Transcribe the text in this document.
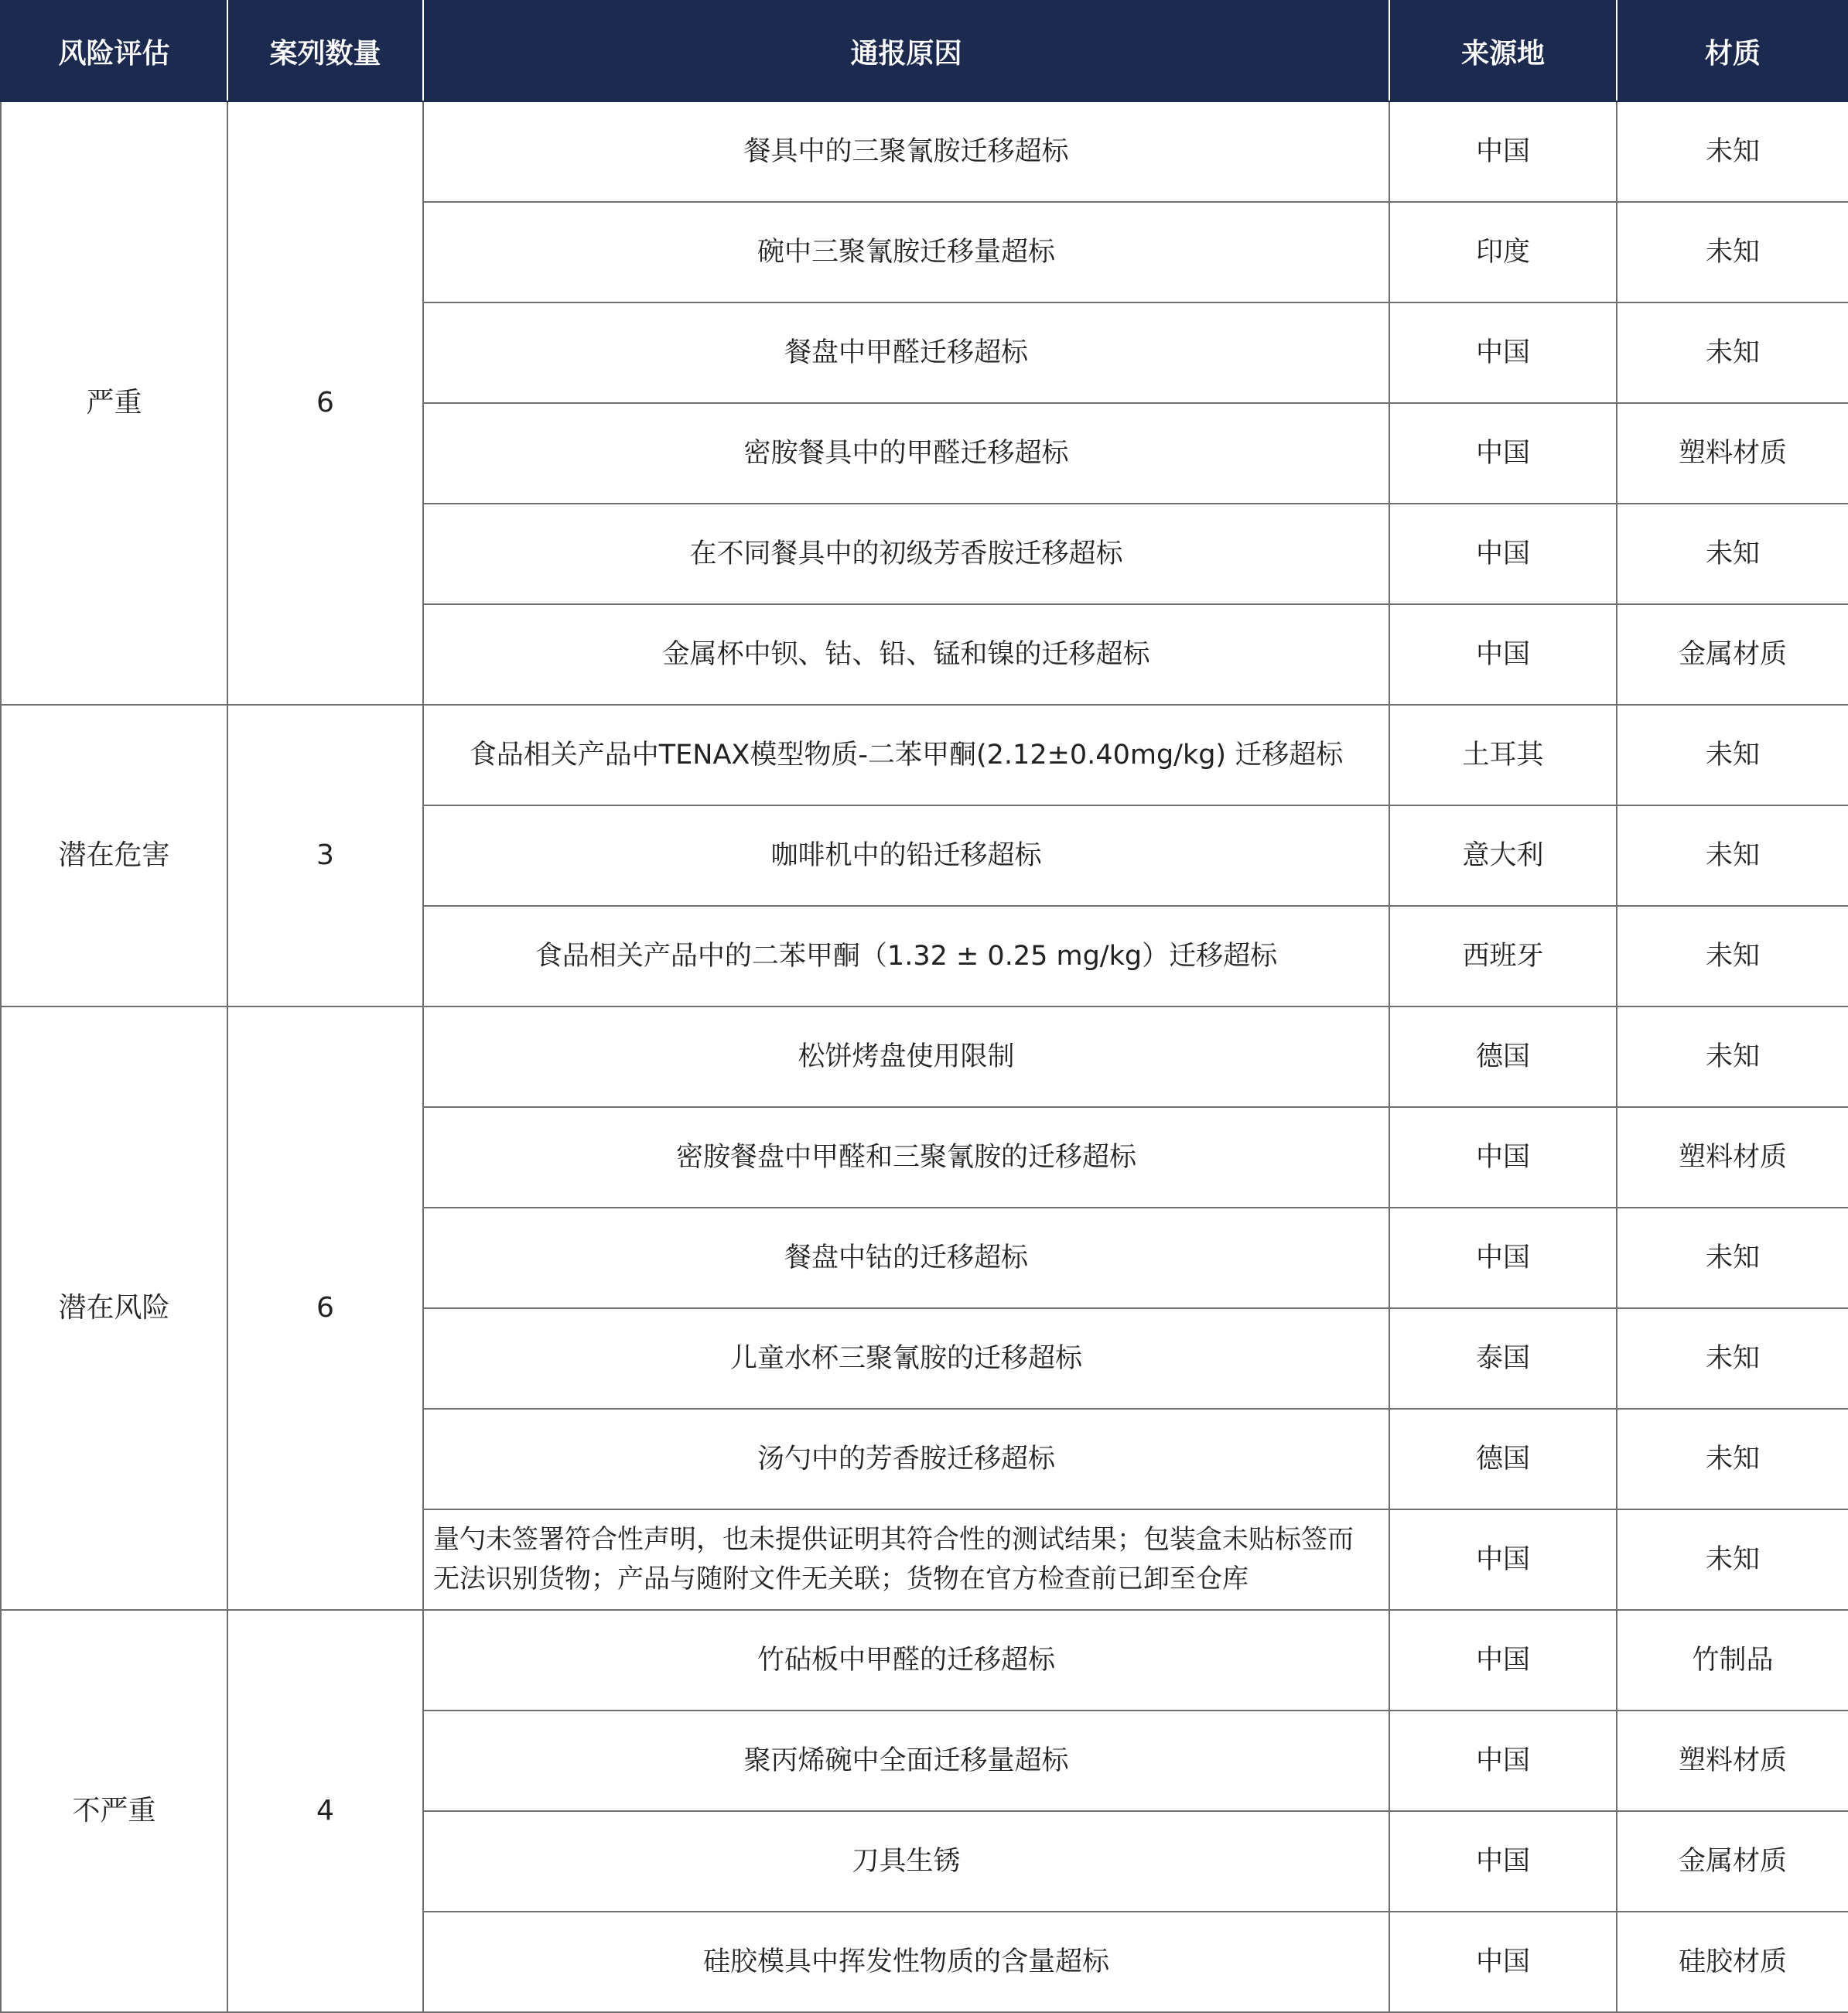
风险评估	案列数量	通报原因	来源地	材质
严重	6	餐具中的三聚氰胺迁移超标	中国	未知
		碗中三聚氰胺迁移量超标	印度	未知
		餐盘中甲醛迁移超标	中国	未知
		密胺餐具中的甲醛迁移超标	中国	塑料材质
		在不同餐具中的初级芳香胺迁移超标	中国	未知
		金属杯中钡、钴、铅、锰和镍的迁移超标	中国	金属材质
潜在危害	3	食品相关产品中TENAX模型物质-二苯甲酮(2.12±0.40mg/kg) 迁移超标	土耳其	未知
		咖啡机中的铅迁移超标	意大利	未知
		食品相关产品中的二苯甲酮（1.32 ± 0.25 mg/kg）迁移超标	西班牙	未知
潜在风险	6	松饼烤盘使用限制	德国	未知
		密胺餐盘中甲醛和三聚氰胺的迁移超标	中国	塑料材质
		餐盘中钴的迁移超标	中国	未知
		儿童水杯三聚氰胺的迁移超标	泰国	未知
		汤勺中的芳香胺迁移超标	德国	未知
		量勺未签署符合性声明，也未提供证明其符合性的测试结果；包装盒未贴标签而无法识别货物；产品与随附文件无关联；货物在官方检查前已卸至仓库	中国	未知
不严重	4	竹砧板中甲醛的迁移超标	中国	竹制品
		聚丙烯碗中全面迁移量超标	中国	塑料材质
		刀具生锈	中国	金属材质
		硅胶模具中挥发性物质的含量超标	中国	硅胶材质
